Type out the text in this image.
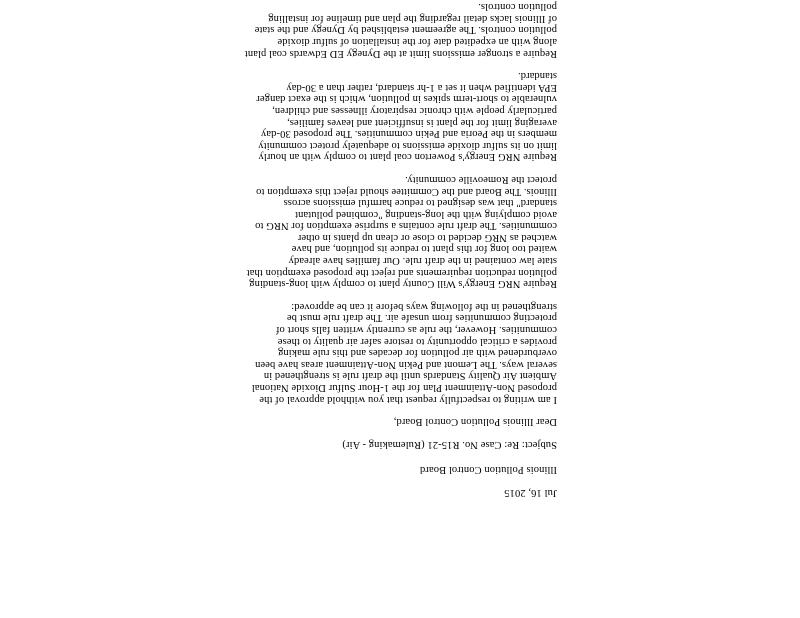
Jul 16, 2015
Illinois Pollution Control Board
Subject: Re: Case No. R15-21 (Rulemaking - Air)
Dear Illinois Pollution Control Board,
I am writing to respectfully request that you withhold approval of the
proposed Non-Attainment Plan for the 1-Hour Sulfur Dioxide National
Ambient Air Quality Standards until the draft rule is strengthened in
several ways. The Lemont and Pekin Non-Attainment areas have been
overburdened with air pollution for decades and this rule making
provides a critical opportunity to restore safer air quality to these
communities. However, the rule as currently written falls short of
protecting communities from unsafe air. The draft rule must be
strengthened in the following ways before it can be approved:
Require NRG Energy's Will County plant to comply with long-standing
pollution reduction requirements and reject the proposed exemption that
state law contained in the draft rule. Our families have already
waited too long for this plant to reduce its pollution, and have
watched as NRG decided to close or clean up plants in other
communities. The draft rule contains a surprise exemption for NRG to
avoid complying with the long-standing "combined pollutant
standard" that was designed to reduce harmful emissions across
Illinois. The Board and the Committee should reject this exemption to
protect the Romeoville community.
Require NRG Energy's Powerton coal plant to comply with an hourly
limit on its sulfur dioxide emissions to adequately protect community
members in the Peoria and Pekin communities. The proposed 30-day
averaging limit for the plant is insufficient and leaves families,
particularly people with chronic respiratory illnesses and children,
vulnerable to short-term spikes in pollution, which is the exact danger
EPA identified when it set a 1-hr standard, rather than a 30-day
standard.
Require a stronger emissions limit at the Dynegy ED Edwards coal plant
along with an expedited date for the installation of sulfur dioxide
pollution controls. The agreement established by Dynegy and the state
of Illinois lacks detail regarding the plan and timeline for installing
pollution controls.
